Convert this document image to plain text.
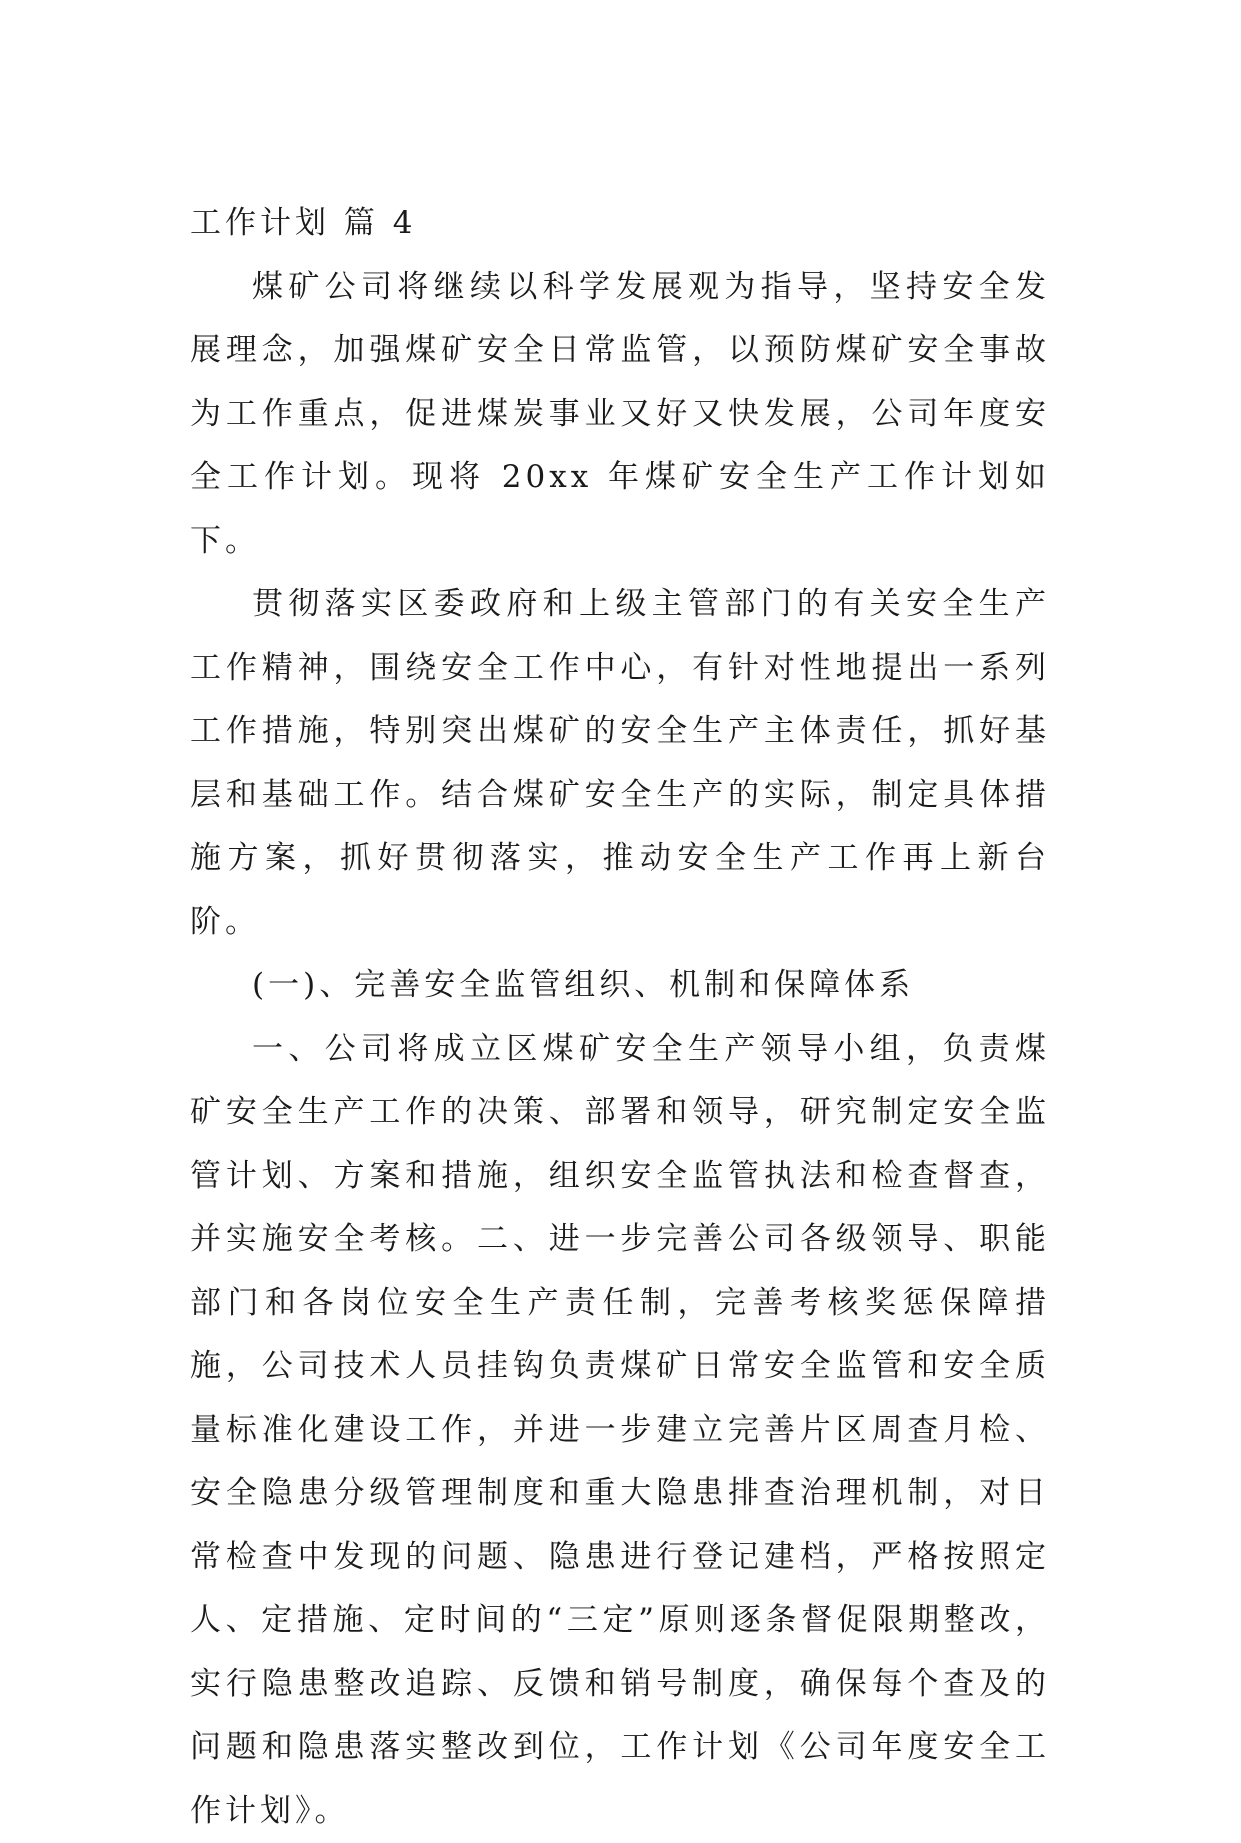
工作计划 篇 4

煤矿公司将继续以科学发展观为指导，坚持安全发展理念，加强煤矿安全日常监管，以预防煤矿安全事故为工作重点，促进煤炭事业又好又快发展，公司年度安全工作计划。现将 20xx 年煤矿安全生产工作计划如下。

贯彻落实区委政府和上级主管部门的有关安全生产工作精神，围绕安全工作中心，有针对性地提出一系列工作措施，特别突出煤矿的安全生产主体责任，抓好基层和基础工作。结合煤矿安全生产的实际，制定具体措施方案，抓好贯彻落实，推动安全生产工作再上新台阶。

(一)、完善安全监管组织、机制和保障体系

一、公司将成立区煤矿安全生产领导小组，负责煤矿安全生产工作的决策、部署和领导，研究制定安全监管计划、方案和措施，组织安全监管执法和检查督查，并实施安全考核。二、进一步完善公司各级领导、职能部门和各岗位安全生产责任制，完善考核奖惩保障措施，公司技术人员挂钩负责煤矿日常安全监管和安全质量标准化建设工作，并进一步建立完善片区周查月检、安全隐患分级管理制度和重大隐患排查治理机制，对日常检查中发现的问题、隐患进行登记建档，严格按照定人、定措施、定时间的“三定”原则逐条督促限期整改，实行隐患整改追踪、反馈和销号制度，确保每个查及的问题和隐患落实整改到位，工作计划《公司年度安全工作计划》。
